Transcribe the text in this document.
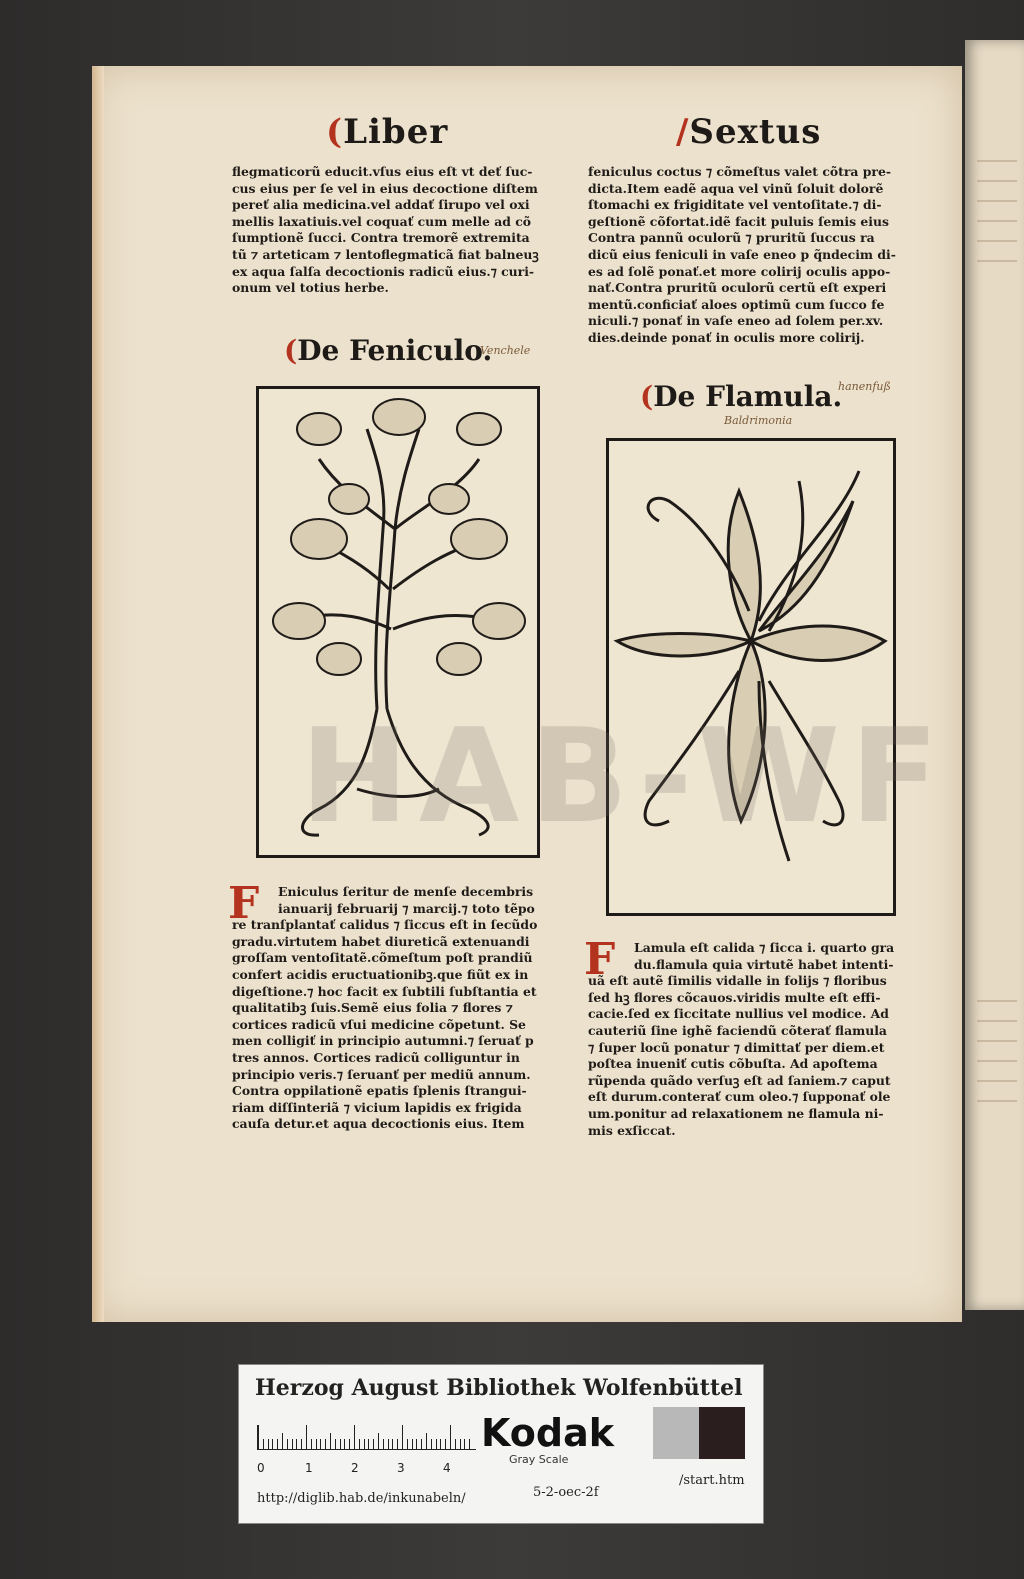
(Liber	/Sextus
flegmaticorũ educit.vſus eius eſt vt deť ſuc-
cus eius per ſe vel in eius decoctione diſtem
pereť alia medicina.vel addať ſirupo vel oxi
mellis laxatiuis.vel coquať cum melle ad cõ
ſumptionẽ ſucci. Contra tremorẽ extremita
tũ ⁊ arteticam ⁊ lentoflegmaticã fiat balneuꝫ
ex aqua ſalſa decoctionis radicũ eius.⁊ curi-
onum vel totius herbe.
(De Feniculo.
Venchele
F	Eniculus ſeritur de menſe decembris
ianuarij februarij ⁊ marcij.⁊ toto tẽpo
re tranſplantať calidus ⁊ ſiccus eſt in ſecũdo
gradu.virtutem habet diureticã extenuandi
groſſam ventoſitatẽ.cõmeſtum poſt prandiũ
confert acidis eructuationibꝫ.que fiũt ex in
digeſtione.⁊ hoc facit ex ſubtili ſubſtantia et
qualitatibꝫ ſuis.Semẽ eius folia ⁊ flores ⁊
cortices radicũ vſui medicine cõpetunt. Se
men colligiť in principio autumni.⁊ ſeruať p
tres annos. Cortices radicũ colliguntur in
principio veris.⁊ ſeruanť per mediũ annum.
Contra oppilationẽ epatis ſplenis ſtrangui-
riam diſſinteriã ⁊ vicium lapidis ex frigida
cauſa detur.et aqua decoctionis eius. Item
feniculus coctus ⁊ cõmeſtus valet cõtra pre-
dicta.Item eadẽ aqua vel vinũ ſoluit dolorẽ
ſtomachi ex frigiditate vel ventoſitate.⁊ di-
geſtionẽ cõfortat.idẽ facit puluis ſemis eius
Contra pannũ oculorũ ⁊ pruritũ ſuccus ra
dicũ eius feniculi in vaſe eneo p q̃ndecim di-
es ad ſolẽ ponať.et more colirij oculis appo-
nať.Contra pruritũ oculorũ certũ eſt experi
mentũ.conficiať aloes optimũ cum ſucco fe
niculi.⁊ ponať in vaſe eneo ad ſolem per.xv.
dies.deinde ponať in oculis more colirij.
(De Flamula.
hanenfuß
Baldrimonia
F	Lamula eſt calida ⁊ ſicca i. quarto gra
du.flamula quia virtutẽ habet intenti-
uã eſt autẽ ſimilis vidalle in folijs ⁊ floribus
ſed hꝫ flores cõcauos.viridis multe eſt effi-
cacie.ſed ex ſiccitate nullius vel modice. Ad
cauteriũ ſine ighẽ faciendũ cõterať flamula
⁊ ſuper locũ ponatur ⁊ dimittať per diem.et
poſtea inueniť cutis cõbuſta. Ad apoſtema
rũpenda quãdo verſuꝫ eſt ad ſaniem.⁊ caput
eſt durum.conterať cum oleo.⁊ ſupponať ole
um.ponitur ad relaxationem ne flamula ni-
mis exſiccat.
HAB-WF
Herzog August Bibliothek Wolfenbüttel
0	1	2	3	4
Kodak
Gray Scale
http://diglib.hab.de/inkunabeln/	5-2-oec-2f
/start.htm
